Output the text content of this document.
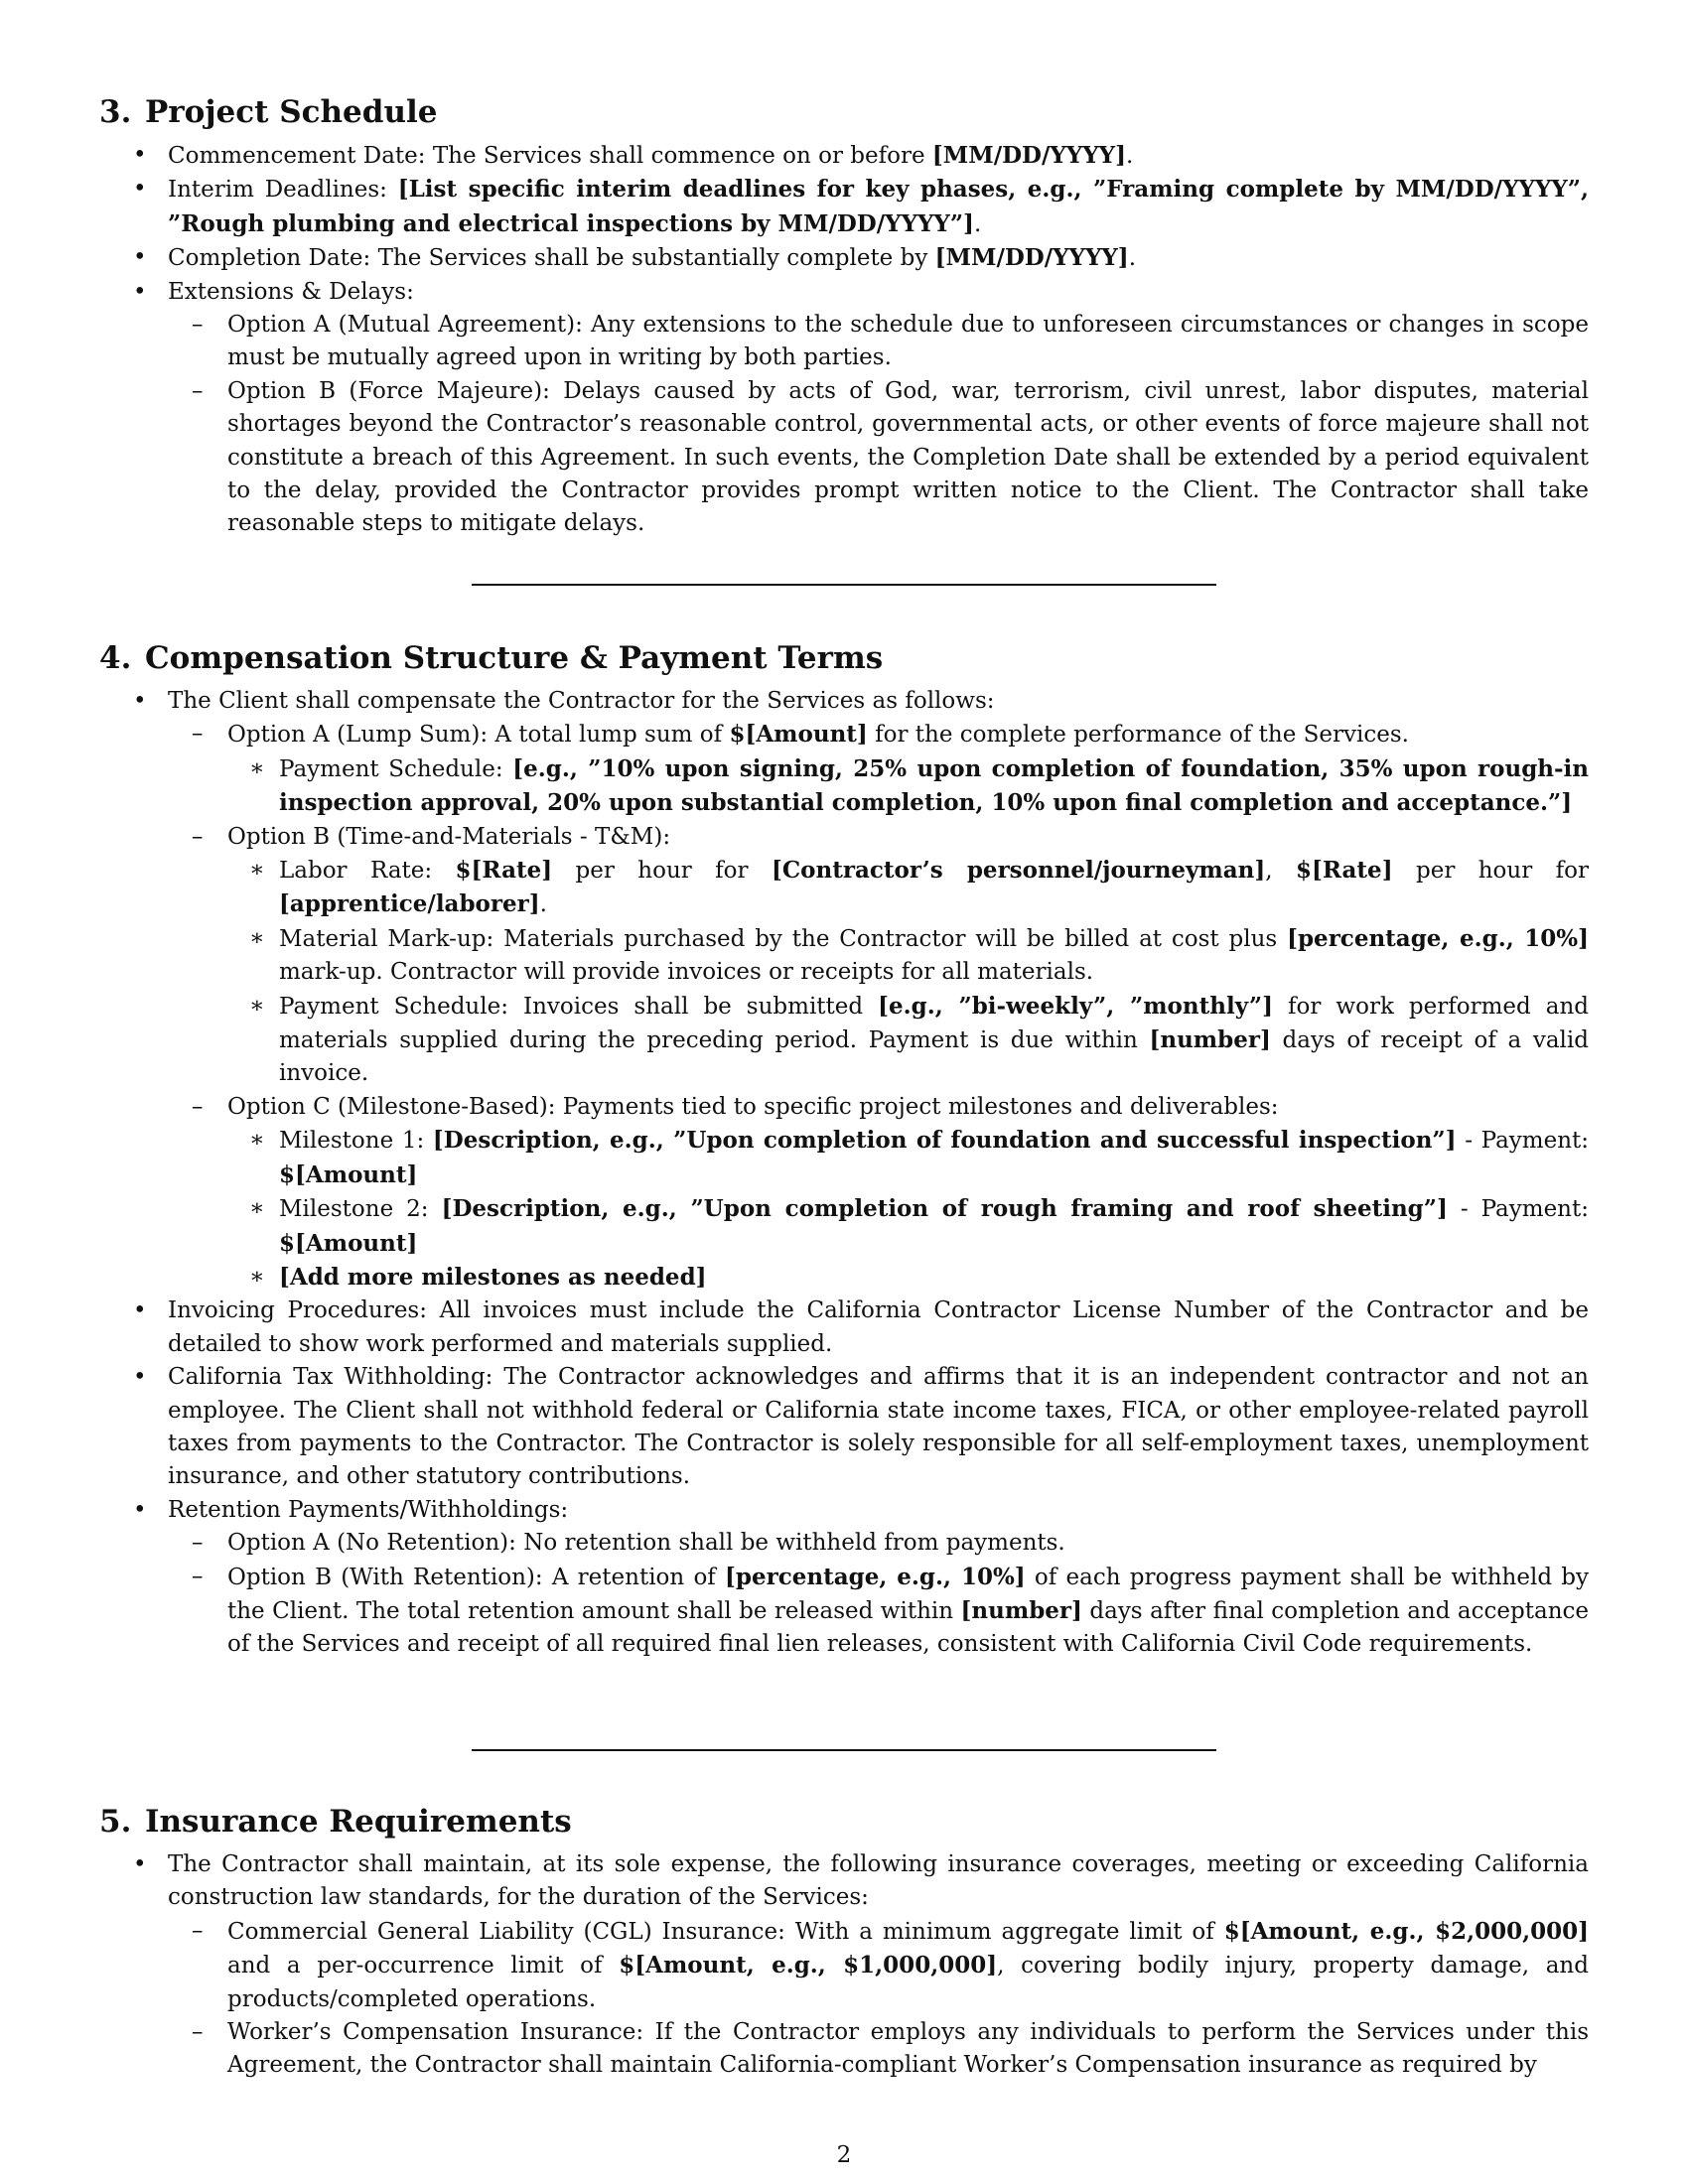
3. Project Schedule
• Commencement Date: The Services shall commence on or before [MM/DD/YYYY].
• Interim Deadlines: [List specific interim deadlines for key phases, e.g., ”Framing complete by MM/DD/YYYY”, ”Rough plumbing and electrical inspections by MM/DD/YYYY”].
• Completion Date: The Services shall be substantially complete by [MM/DD/YYYY].
• Extensions & Delays:
– Option A (Mutual Agreement): Any extensions to the schedule due to unforeseen circumstances or changes in scope must be mutually agreed upon in writing by both parties.
– Option B (Force Majeure): Delays caused by acts of God, war, terrorism, civil unrest, labor disputes, material shortages beyond the Contractor’s reasonable control, governmental acts, or other events of force majeure shall not constitute a breach of this Agreement. In such events, the Completion Date shall be extended by a period equivalent to the delay, provided the Contractor provides prompt written notice to the Client. The Contractor shall take reasonable steps to mitigate delays.
4. Compensation Structure & Payment Terms
• The Client shall compensate the Contractor for the Services as follows:
– Option A (Lump Sum): A total lump sum of $[Amount] for the complete performance of the Services.
∗ Payment Schedule: [e.g., ”10% upon signing, 25% upon completion of foundation, 35% upon rough-in inspection approval, 20% upon substantial completion, 10% upon final completion and acceptance.”]
– Option B (Time-and-Materials - T&M):
∗ Labor Rate: $[Rate] per hour for [Contractor’s personnel/journeyman], $[Rate] per hour for [apprentice/laborer].
∗ Material Mark-up: Materials purchased by the Contractor will be billed at cost plus [percentage, e.g., 10%] mark-up. Contractor will provide invoices or receipts for all materials.
∗ Payment Schedule: Invoices shall be submitted [e.g., ”bi-weekly”, ”monthly”] for work performed and materials supplied during the preceding period. Payment is due within [number] days of receipt of a valid invoice.
– Option C (Milestone-Based): Payments tied to specific project milestones and deliverables:
∗ Milestone 1: [Description, e.g., ”Upon completion of foundation and successful inspection”] - Payment: $[Amount]
∗ Milestone 2: [Description, e.g., ”Upon completion of rough framing and roof sheeting”] - Payment: $[Amount]
∗ [Add more milestones as needed]
• Invoicing Procedures: All invoices must include the California Contractor License Number of the Contractor and be detailed to show work performed and materials supplied.
• California Tax Withholding: The Contractor acknowledges and affirms that it is an independent contractor and not an employee. The Client shall not withhold federal or California state income taxes, FICA, or other employee-related payroll taxes from payments to the Contractor. The Contractor is solely responsible for all self-employment taxes, unemployment insurance, and other statutory contributions.
• Retention Payments/Withholdings:
– Option A (No Retention): No retention shall be withheld from payments.
– Option B (With Retention): A retention of [percentage, e.g., 10%] of each progress payment shall be withheld by the Client. The total retention amount shall be released within [number] days after final completion and acceptance of the Services and receipt of all required final lien releases, consistent with California Civil Code requirements.
5. Insurance Requirements
• The Contractor shall maintain, at its sole expense, the following insurance coverages, meeting or exceeding California construction law standards, for the duration of the Services:
– Commercial General Liability (CGL) Insurance: With a minimum aggregate limit of $[Amount, e.g., $2,000,000] and a per-occurrence limit of $[Amount, e.g., $1,000,000], covering bodily injury, property damage, and products/completed operations.
– Worker’s Compensation Insurance: If the Contractor employs any individuals to perform the Services under this Agreement, the Contractor shall maintain California-compliant Worker’s Compensation insurance as required by
2
